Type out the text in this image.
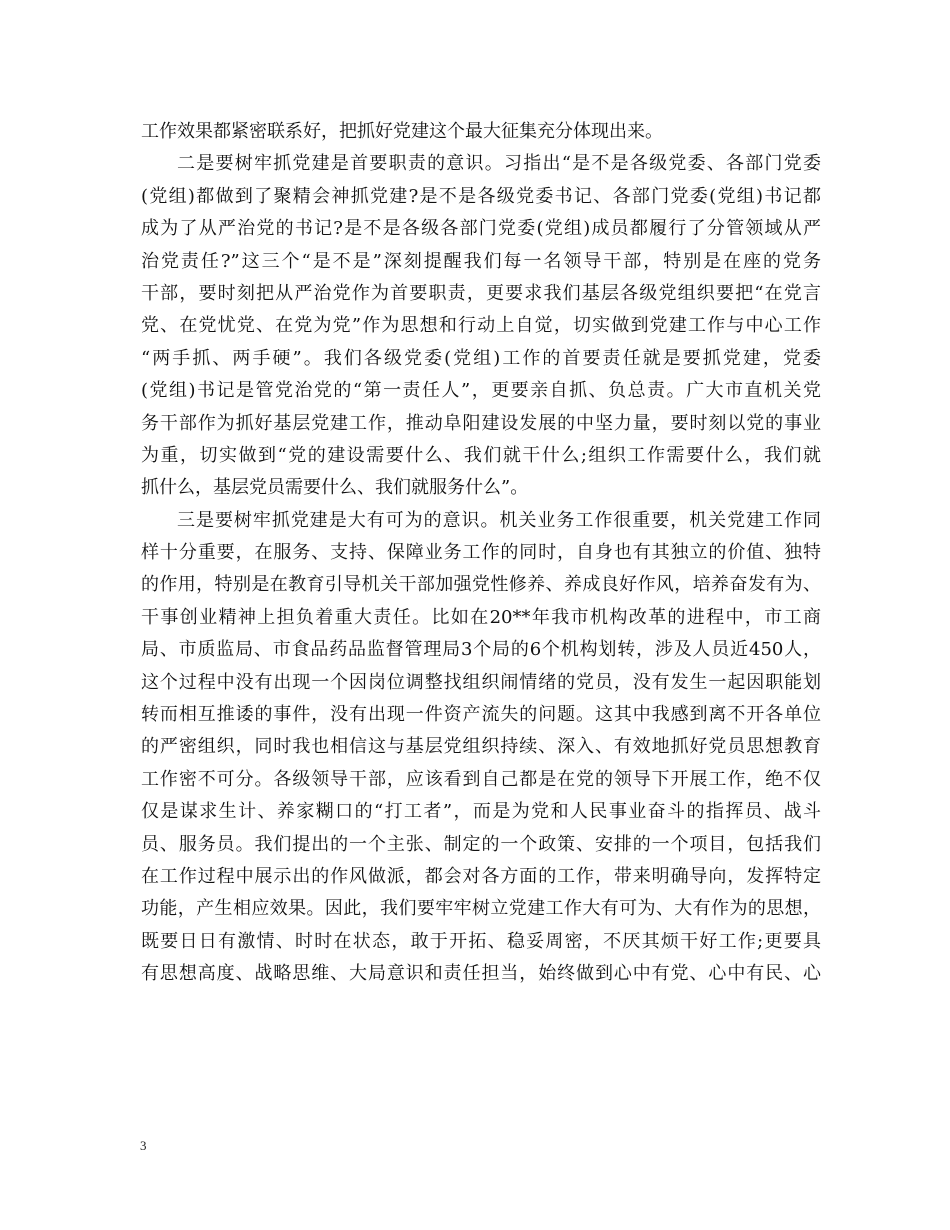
工作效果都紧密联系好，把抓好党建这个最大征集充分体现出来。
二是要树牢抓党建是首要职责的意识。习指出“是不是各级党委、各部门党委
(党组)都做到了聚精会神抓党建?是不是各级党委书记、各部门党委(党组)书记都
成为了从严治党的书记?是不是各级各部门党委(党组)成员都履行了分管领域从严
治党责任?”这三个“是不是”深刻提醒我们每一名领导干部，特别是在座的党务
干部，要时刻把从严治党作为首要职责，更要求我们基层各级党组织要把“在党言
党、在党忧党、在党为党”作为思想和行动上自觉，切实做到党建工作与中心工作
“两手抓、两手硬”。我们各级党委(党组)工作的首要责任就是要抓党建，党委
(党组)书记是管党治党的“第一责任人”，更要亲自抓、负总责。广大市直机关党
务干部作为抓好基层党建工作，推动阜阳建设发展的中坚力量，要时刻以党的事业
为重，切实做到“党的建设需要什么、我们就干什么;组织工作需要什么，我们就
抓什么，基层党员需要什么、我们就服务什么”。
三是要树牢抓党建是大有可为的意识。机关业务工作很重要，机关党建工作同
样十分重要，在服务、支持、保障业务工作的同时，自身也有其独立的价值、独特
的作用，特别是在教育引导机关干部加强党性修养、养成良好作风，培养奋发有为、
干事创业精神上担负着重大责任。比如在20**年我市机构改革的进程中，市工商
局、市质监局、市食品药品监督管理局3个局的6个机构划转，涉及人员近450人，
这个过程中没有出现一个因岗位调整找组织闹情绪的党员，没有发生一起因职能划
转而相互推诿的事件，没有出现一件资产流失的问题。这其中我感到离不开各单位
的严密组织，同时我也相信这与基层党组织持续、深入、有效地抓好党员思想教育
工作密不可分。各级领导干部，应该看到自己都是在党的领导下开展工作，绝不仅
仅是谋求生计、养家糊口的“打工者”，而是为党和人民事业奋斗的指挥员、战斗
员、服务员。我们提出的一个主张、制定的一个政策、安排的一个项目，包括我们
在工作过程中展示出的作风做派，都会对各方面的工作，带来明确导向，发挥特定
功能，产生相应效果。因此，我们要牢牢树立党建工作大有可为、大有作为的思想，
既要日日有激情、时时在状态，敢于开拓、稳妥周密，不厌其烦干好工作;更要具
有思想高度、战略思维、大局意识和责任担当，始终做到心中有党、心中有民、心
3
